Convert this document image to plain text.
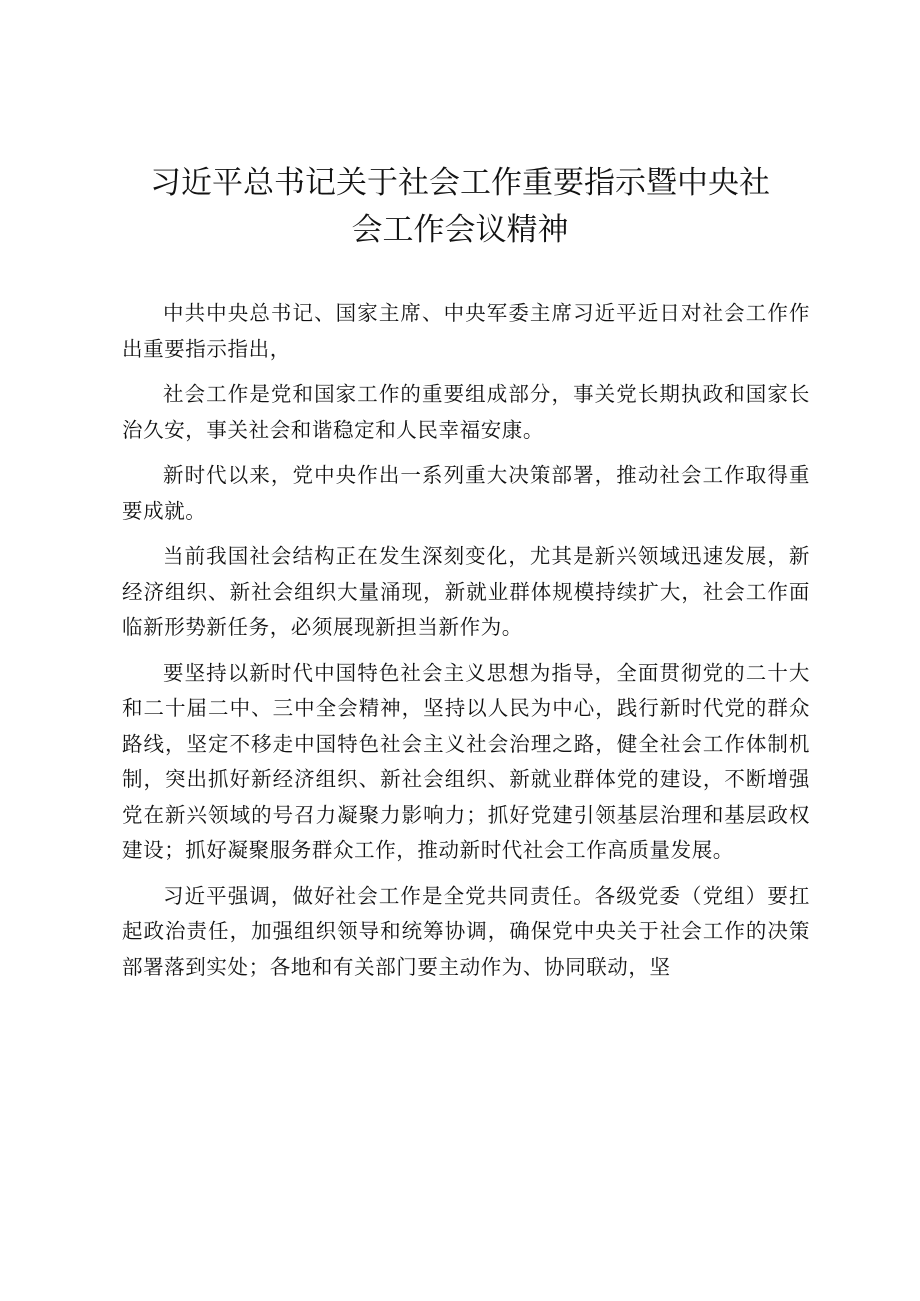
习近平总书记关于社会工作重要指示暨中央社
会工作会议精神

中共中央总书记、国家主席、中央军委主席习近平近日对社会工作作出重要指示指出，

社会工作是党和国家工作的重要组成部分，事关党长期执政和国家长治久安，事关社会和谐稳定和人民幸福安康。

新时代以来，党中央作出一系列重大决策部署，推动社会工作取得重要成就。

当前我国社会结构正在发生深刻变化，尤其是新兴领域迅速发展，新经济组织、新社会组织大量涌现，新就业群体规模持续扩大，社会工作面临新形势新任务，必须展现新担当新作为。

要坚持以新时代中国特色社会主义思想为指导，全面贯彻党的二十大和二十届二中、三中全会精神，坚持以人民为中心，践行新时代党的群众路线，坚定不移走中国特色社会主义社会治理之路，健全社会工作体制机制，突出抓好新经济组织、新社会组织、新就业群体党的建设，不断增强党在新兴领域的号召力凝聚力影响力；抓好党建引领基层治理和基层政权建设；抓好凝聚服务群众工作，推动新时代社会工作高质量发展。

习近平强调，做好社会工作是全党共同责任。各级党委（党组）要扛起政治责任，加强组织领导和统筹协调，确保党中央关于社会工作的决策部署落到实处；各地和有关部门要主动作为、协同联动，坚
